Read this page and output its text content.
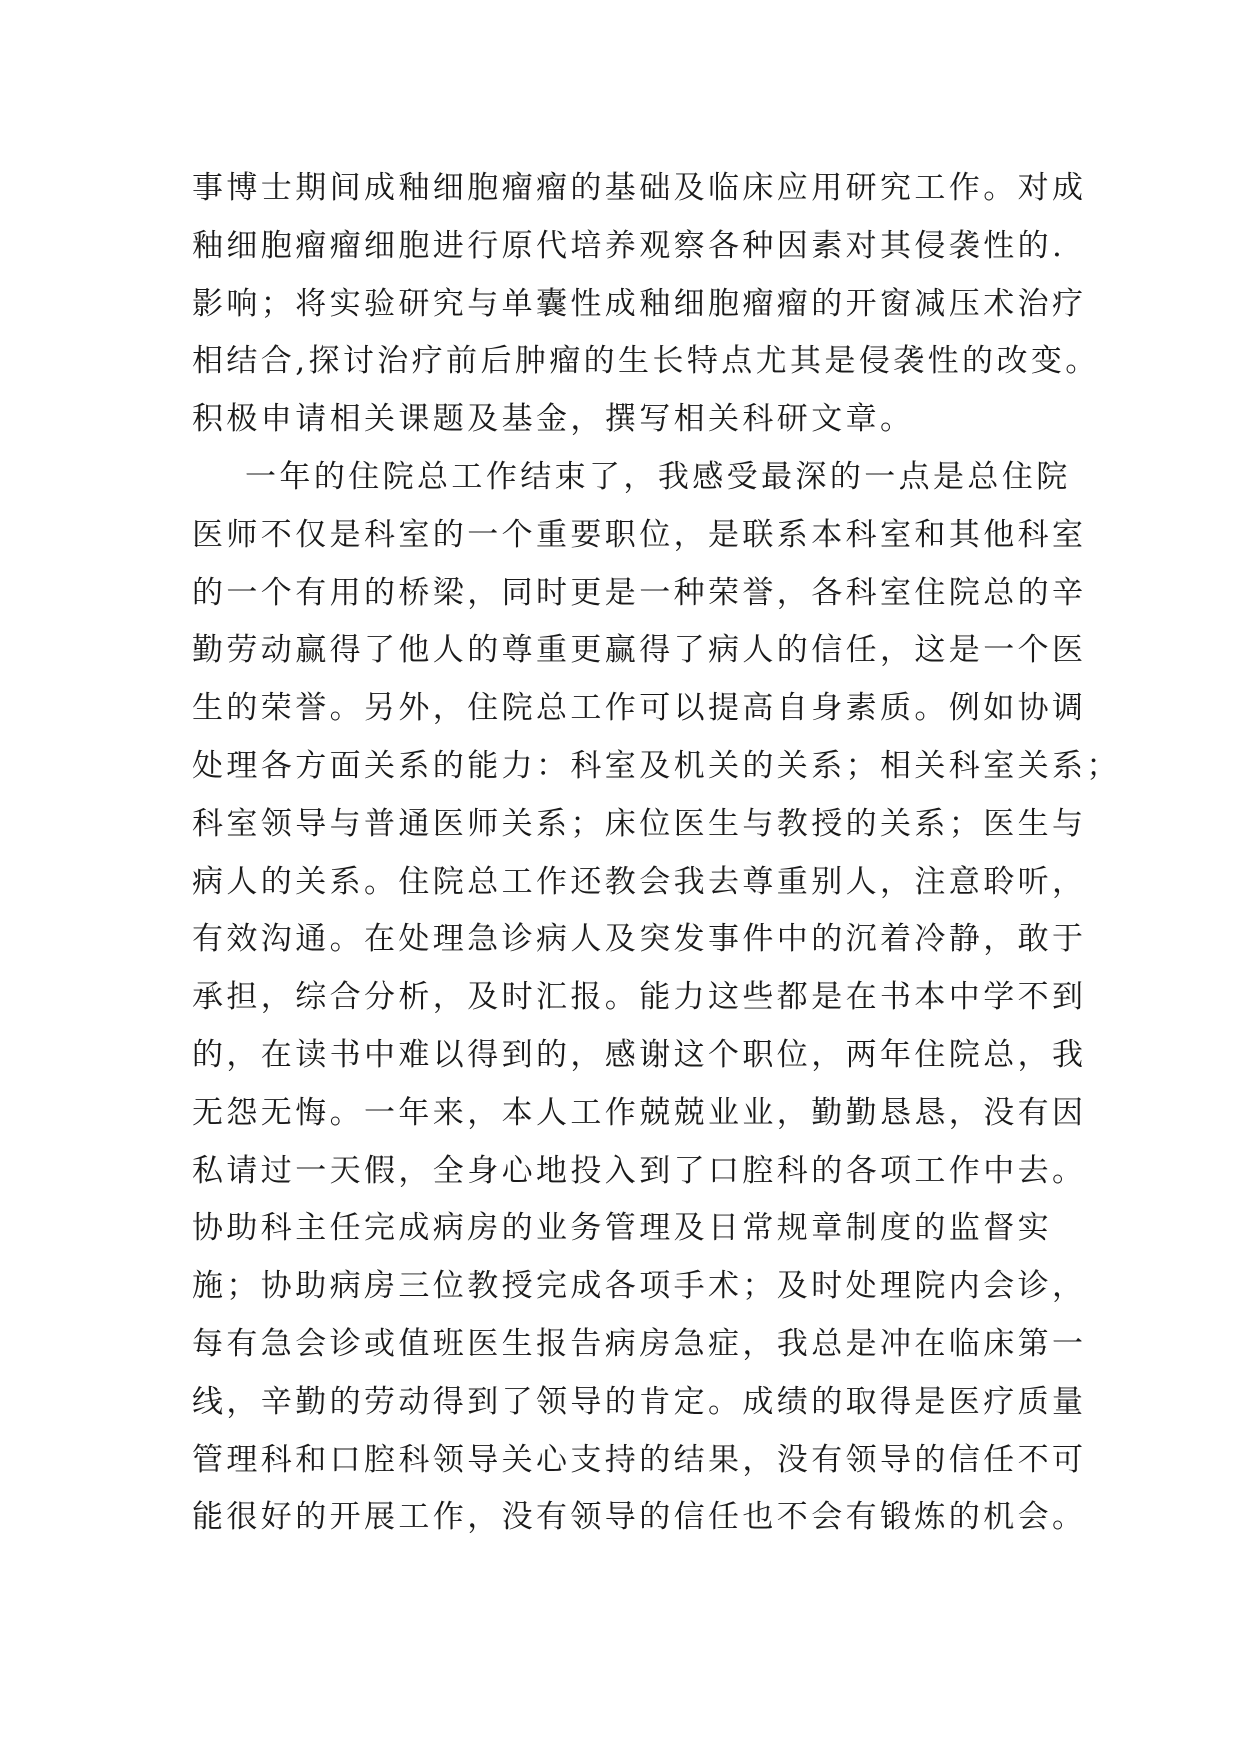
事博士期间成釉细胞瘤瘤的基础及临床应用研究工作。对成
釉细胞瘤瘤细胞进行原代培养观察各种因素对其侵袭性的.
影响；将实验研究与单囊性成釉细胞瘤瘤的开窗减压术治疗
相结合,探讨治疗前后肿瘤的生长特点尤其是侵袭性的改变。
积极申请相关课题及基金，撰写相关科研文章。
一年的住院总工作结束了，我感受最深的一点是总住院
医师不仅是科室的一个重要职位，是联系本科室和其他科室
的一个有用的桥梁，同时更是一种荣誉，各科室住院总的辛
勤劳动赢得了他人的尊重更赢得了病人的信任，这是一个医
生的荣誉。另外，住院总工作可以提高自身素质。例如协调
处理各方面关系的能力：科室及机关的关系；相关科室关系；
科室领导与普通医师关系；床位医生与教授的关系；医生与
病人的关系。住院总工作还教会我去尊重别人，注意聆听，
有效沟通。在处理急诊病人及突发事件中的沉着冷静，敢于
承担，综合分析，及时汇报。能力这些都是在书本中学不到
的，在读书中难以得到的，感谢这个职位，两年住院总，我
无怨无悔。一年来，本人工作兢兢业业，勤勤恳恳，没有因
私请过一天假，全身心地投入到了口腔科的各项工作中去。
协助科主任完成病房的业务管理及日常规章制度的监督实
施；协助病房三位教授完成各项手术；及时处理院内会诊，
每有急会诊或值班医生报告病房急症，我总是冲在临床第一
线，辛勤的劳动得到了领导的肯定。成绩的取得是医疗质量
管理科和口腔科领导关心支持的结果，没有领导的信任不可
能很好的开展工作，没有领导的信任也不会有锻炼的机会。
